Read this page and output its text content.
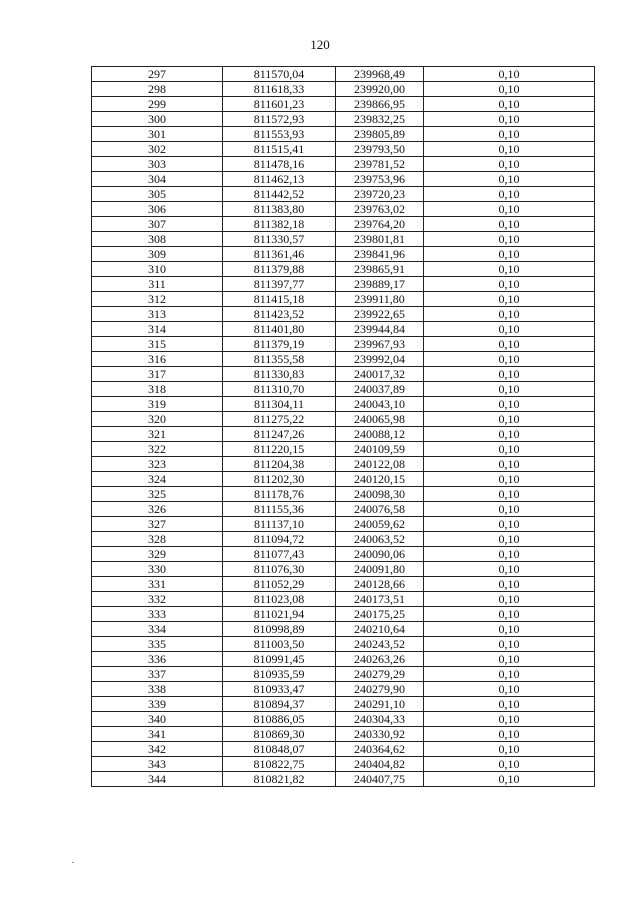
120
297	811570,04	239968,49	0,10
298	811618,33	239920,00	0,10
299	811601,23	239866,95	0,10
300	811572,93	239832,25	0,10
301	811553,93	239805,89	0,10
302	811515,41	239793,50	0,10
303	811478,16	239781,52	0,10
304	811462,13	239753,96	0,10
305	811442,52	239720,23	0,10
306	811383,80	239763,02	0,10
307	811382,18	239764,20	0,10
308	811330,57	239801,81	0,10
309	811361,46	239841,96	0,10
310	811379,88	239865,91	0,10
311	811397,77	239889,17	0,10
312	811415,18	239911,80	0,10
313	811423,52	239922,65	0,10
314	811401,80	239944,84	0,10
315	811379,19	239967,93	0,10
316	811355,58	239992,04	0,10
317	811330,83	240017,32	0,10
318	811310,70	240037,89	0,10
319	811304,11	240043,10	0,10
320	811275,22	240065,98	0,10
321	811247,26	240088,12	0,10
322	811220,15	240109,59	0,10
323	811204,38	240122,08	0,10
324	811202,30	240120,15	0,10
325	811178,76	240098,30	0,10
326	811155,36	240076,58	0,10
327	811137,10	240059,62	0,10
328	811094,72	240063,52	0,10
329	811077,43	240090,06	0,10
330	811076,30	240091,80	0,10
331	811052,29	240128,66	0,10
332	811023,08	240173,51	0,10
333	811021,94	240175,25	0,10
334	810998,89	240210,64	0,10
335	811003,50	240243,52	0,10
336	810991,45	240263,26	0,10
337	810935,59	240279,29	0,10
338	810933,47	240279,90	0,10
339	810894,37	240291,10	0,10
340	810886,05	240304,33	0,10
341	810869,30	240330,92	0,10
342	810848,07	240364,62	0,10
343	810822,75	240404,82	0,10
344	810821,82	240407,75	0,10
